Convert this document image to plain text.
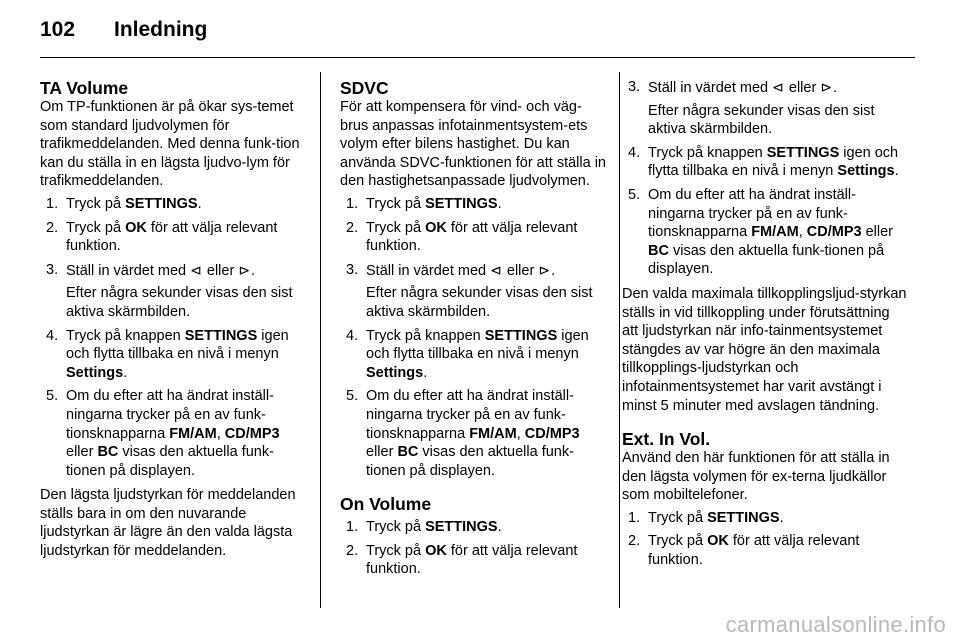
102 Inledning
TA Volume

Om TP-funktionen är på ökar sys-temet som standard ljudvolymen för trafikmeddelanden. Med denna funk-tion kan du ställa in en lägsta ljudvo-lym för trafikmeddelanden.

1. Tryck på SETTINGS.
2. Tryck på OK för att välja relevant funktion.
3. Ställ in värdet med ⊲ eller ⊳.
Efter några sekunder visas den sist aktiva skärmbilden.
4. Tryck på knappen SETTINGS igen och flytta tillbaka en nivå i menyn Settings.
5. Om du efter att ha ändrat inställ-ningarna trycker på en av funk-tionsknapparna FM/AM, CD/MP3 eller BC visas den aktuella funk-tionen på displayen.

Den lägsta ljudstyrkan för meddelanden ställs bara in om den nuvarande ljudstyrkan är lägre än den valda lägsta ljudstyrkan för meddelanden.

SDVC

För att kompensera för vind- och väg-brus anpassas infotainmentsystem-ets volym efter bilens hastighet. Du kan använda SDVC-funktionen för att ställa in den hastighetsanpassade ljudvolymen.

1. Tryck på SETTINGS.
2. Tryck på OK för att välja relevant funktion.
3. Ställ in värdet med ⊲ eller ⊳.
Efter några sekunder visas den sist aktiva skärmbilden.
4. Tryck på knappen SETTINGS igen och flytta tillbaka en nivå i menyn Settings.
5. Om du efter att ha ändrat inställ-ningarna trycker på en av funk-tionsknapparna FM/AM, CD/MP3 eller BC visas den aktuella funk-tionen på displayen.
On Volume
1. Tryck på SETTINGS.
2. Tryck på OK för att välja relevant funktion.
3. Ställ in värdet med ⊲ eller ⊳.
Efter några sekunder visas den sist aktiva skärmbilden.
4. Tryck på knappen SETTINGS igen och flytta tillbaka en nivå i menyn Settings.
5. Om du efter att ha ändrat inställ-ningarna trycker på en av funk-tionsknapparna FM/AM, CD/MP3 eller BC visas den aktuella funk-tionen på displayen.

Den valda maximala tillkopplingsljud-styrkan ställs in vid tillkoppling under förutsättning att ljudstyrkan när info-tainmentsystemet stängdes av var högre än den maximala tillkopplings-ljudstyrkan och infotainmentsystemet har varit avstängt i minst 5 minuter med avslagen tändning.

Ext. In Vol.

Använd den här funktionen för att ställa in den lägsta volymen för ex-terna ljudkällor som mobiltelefoner.

1. Tryck på SETTINGS.
2. Tryck på OK för att välja relevant funktion.
carmanualsonline.info
